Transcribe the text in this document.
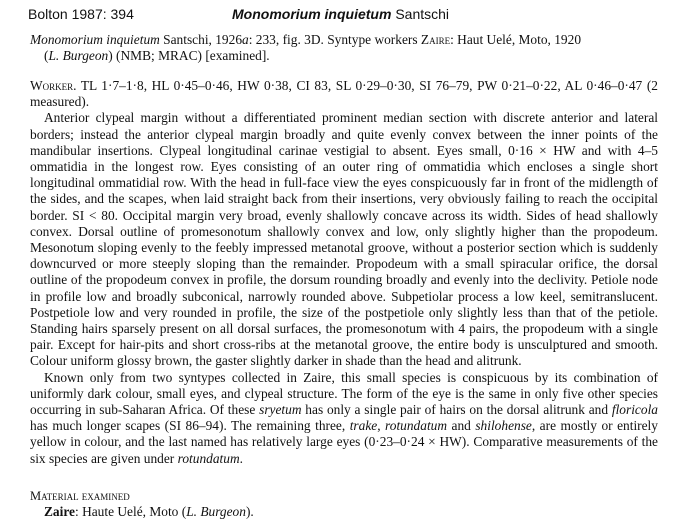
Bolton 1987: 394	Monomorium inquietum Santschi
Monomorium inquietum Santschi, 1926a: 233, fig. 3D. Syntype workers Zaire: Haut Uelé, Moto, 1920
(L. Burgeon) (NMB; MRAC) [examined].

Worker. TL 1·7–1·8, HL 0·45–0·46, HW 0·38, CI 83, SL 0·29–0·30, SI 76–79, PW 0·21–0·22, AL 0·46–0·47 (2 measured).

Anterior clypeal margin without a differentiated prominent median section with discrete anterior and lateral borders; instead the anterior clypeal margin broadly and quite evenly convex between the inner points of the mandibular insertions. Clypeal longitudinal carinae vestigial to absent. Eyes small, 0·16 × HW and with 4–5 ommatidia in the longest row. Eyes consisting of an outer ring of ommatidia which encloses a single short longitudinal ommatidial row. With the head in full-face view the eyes conspicuously far in front of the midlength of the sides, and the scapes, when laid straight back from their insertions, very obviously failing to reach the occipital border. SI < 80. Occipital margin very broad, evenly shallowly concave across its width. Sides of head shallowly convex. Dorsal outline of promesonotum shallowly convex and low, only slightly higher than the propodeum. Mesonotum sloping evenly to the feebly impressed metanotal groove, without a posterior section which is suddenly downcurved or more steeply sloping than the remainder. Propodeum with a small spiracular orifice, the dorsal outline of the propodeum convex in profile, the dorsum rounding broadly and evenly into the declivity. Petiole node in profile low and broadly subconical, narrowly rounded above. Subpetiolar process a low keel, semitranslucent. Postpetiole low and very rounded in profile, the size of the postpetiole only slightly less than that of the petiole. Standing hairs sparsely present on all dorsal surfaces, the promesonotum with 4 pairs, the propodeum with a single pair. Except for hair-pits and short cross-ribs at the metanotal groove, the entire body is unsculptured and smooth. Colour uniform glossy brown, the gaster slightly darker in shade than the head and alitrunk.

Known only from two syntypes collected in Zaire, this small species is conspicuous by its combination of uniformly dark colour, small eyes, and clypeal structure. The form of the eye is the same in only five other species occurring in sub-Saharan Africa. Of these sryetum has only a single pair of hairs on the dorsal alitrunk and floricola has much longer scapes (SI 86–94). The remaining three, trake, rotundatum and shilohense, are mostly or entirely yellow in colour, and the last named has relatively large eyes (0·23–0·24 × HW). Comparative measurements of the six species are given under rotundatum.

Material examined
Zaire: Haute Uelé, Moto (L. Burgeon).
